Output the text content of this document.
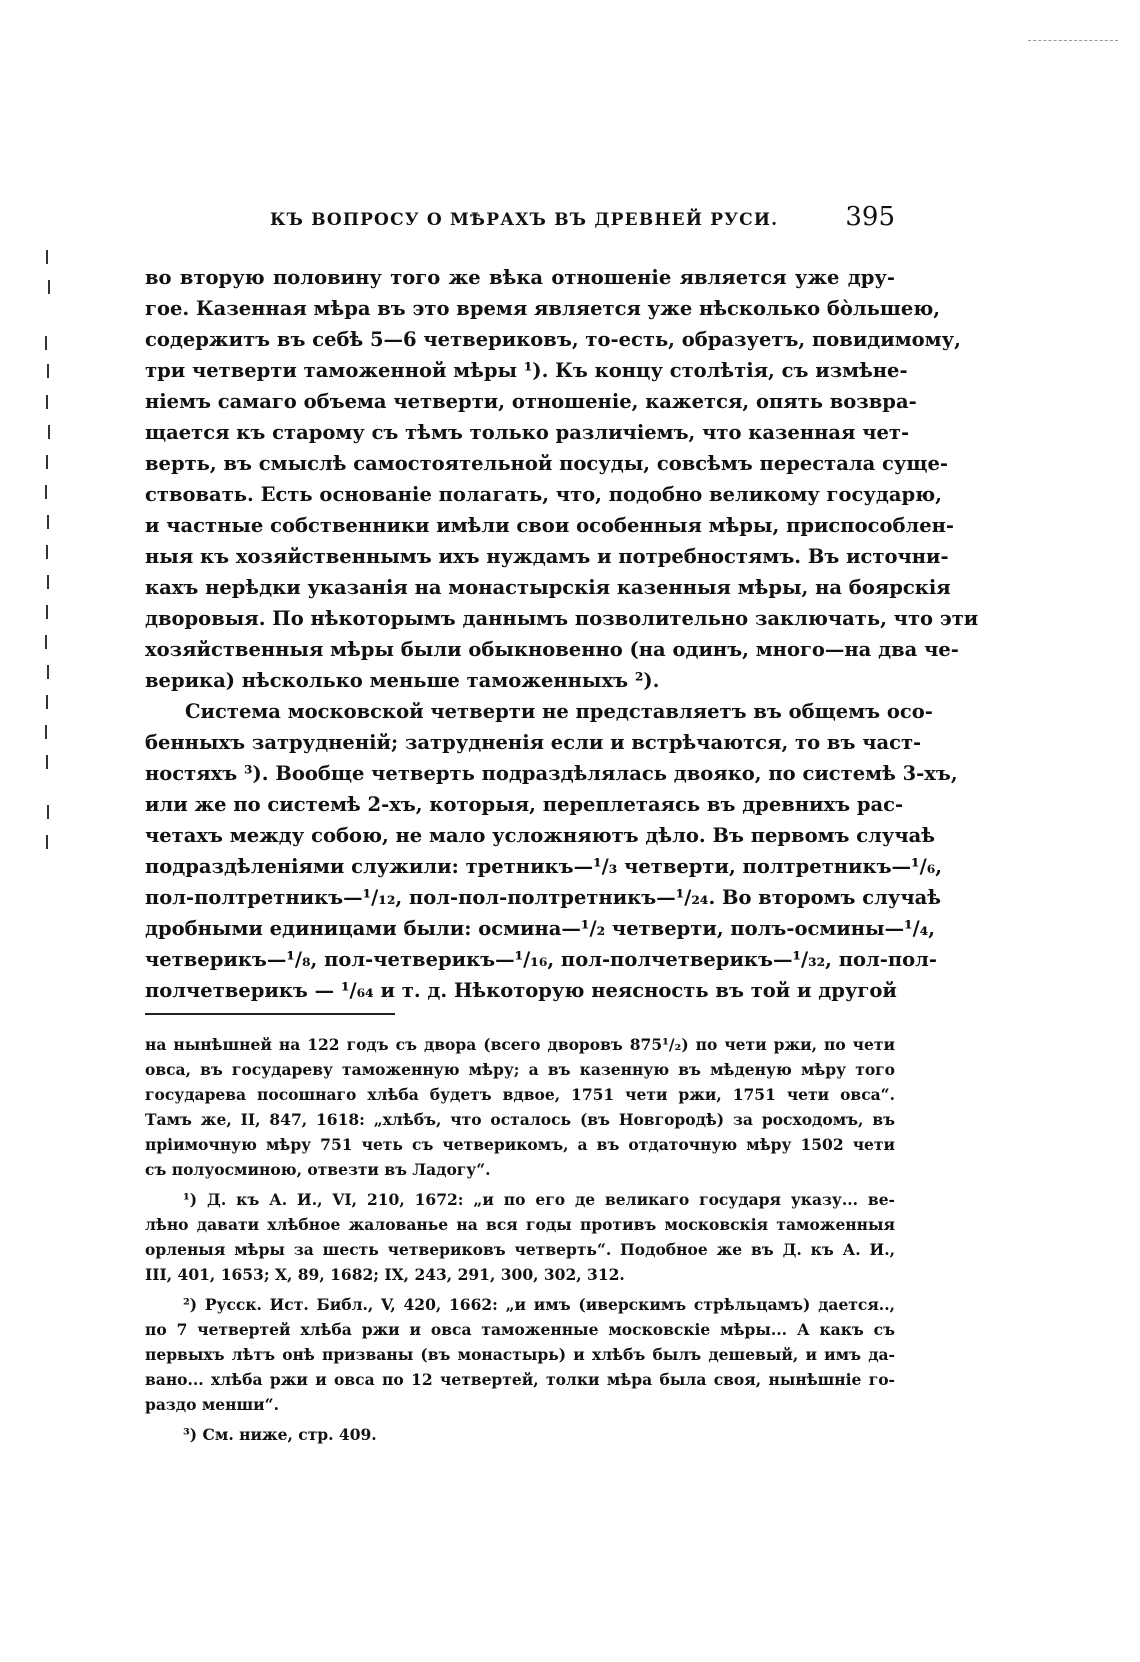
КЪ ВОПРОСУ О МѢРАХЪ ВЪ ДРЕВНЕЙ РУСИ.	395
во вторую половину того же вѣка отношеніе является уже дру-
гое. Казенная мѣра въ это время является уже нѣсколько бо̀льшею,
содержитъ въ себѣ 5—6 четвериковъ, то-есть, образуетъ, повидимому,
три четверти таможенной мѣры ¹). Къ концу столѣтія, съ измѣне-
ніемъ самаго объема четверти, отношеніе, кажется, опять возвра-
щается къ старому съ тѣмъ только различіемъ, что казенная чет-
верть, въ смыслѣ самостоятельной посуды, совсѣмъ перестала суще-
ствовать. Есть основаніе полагать, что, подобно великому государю,
и частные собственники имѣли свои особенныя мѣры, приспособлен-
ныя къ хозяйственнымъ ихъ нуждамъ и потребностямъ. Въ источни-
кахъ нерѣдки указанія на монастырскія казенныя мѣры, на боярскія
дворовыя. По нѣкоторымъ даннымъ позволительно заключать, что эти
хозяйственныя мѣры были обыкновенно (на одинъ, много—на два че-
верика) нѣсколько меньше таможенныхъ ²).
Система московской четверти не представляетъ въ общемъ осо-
бенныхъ затрудненій; затрудненія если и встрѣчаются, то въ част-
ностяхъ ³). Вообще четверть подраздѣлялась двояко, по системѣ 3-хъ,
или же по системѣ 2-хъ, которыя, переплетаясь въ древнихъ рас-
четахъ между собою, не мало усложняютъ дѣло. Въ первомъ случаѣ
подраздѣленіями служили: третникъ—¹/₃ четверти, полтретникъ—¹/₆,
пол-полтретникъ—¹/₁₂, пол-пол-полтретникъ—¹/₂₄. Во второмъ случаѣ
дробными единицами были: осмина—¹/₂ четверти, полъ-осмины—¹/₄,
четверикъ—¹/₈, пол-четверикъ—¹/₁₆, пол-полчетверикъ—¹/₃₂, пол-пол-
полчетверикъ — ¹/₆₄ и т. д. Нѣкоторую неясность въ той и другой
на нынѣшней на 122 годъ съ двора (всего дворовъ 875¹/₂) по чети ржи, по чети
овса, въ государеву таможенную мѣру; а въ казенную въ мѣденую мѣру того
государева посошнаго хлѣба будетъ вдвое, 1751 чети ржи, 1751 чети овса“.
Тамъ же, II, 847, 1618: „хлѣбъ, что осталось (въ Новгородѣ) за росходомъ, въ
пріимочную мѣру 751 четь съ четверикомъ, а въ отдаточную мѣру 1502 чети
съ полуосминою, отвезти въ Ладогу“.
¹) Д. къ А. И., VI, 210, 1672: „и по его де великаго государя указу... ве-
лѣно давати хлѣбное жалованье на вся годы противъ московскія таможенныя
орленыя мѣры за шесть четвериковъ четверть“. Подобное же въ Д. къ А. И.,
III, 401, 1653; X, 89, 1682; IX, 243, 291, 300, 302, 312.
²) Русск. Ист. Библ., V, 420, 1662: „и имъ (иверскимъ стрѣльцамъ) дается..,
по 7 четвертей хлѣба ржи и овса таможенные московскіе мѣры... А какъ съ
первыхъ лѣтъ онѣ призваны (въ монастырь) и хлѣбъ былъ дешевый, и имъ да-
вано... хлѣба ржи и овса по 12 четвертей, толки мѣра была своя, нынѣшніе го-
раздо менши“.
³) См. ниже, стр. 409.
